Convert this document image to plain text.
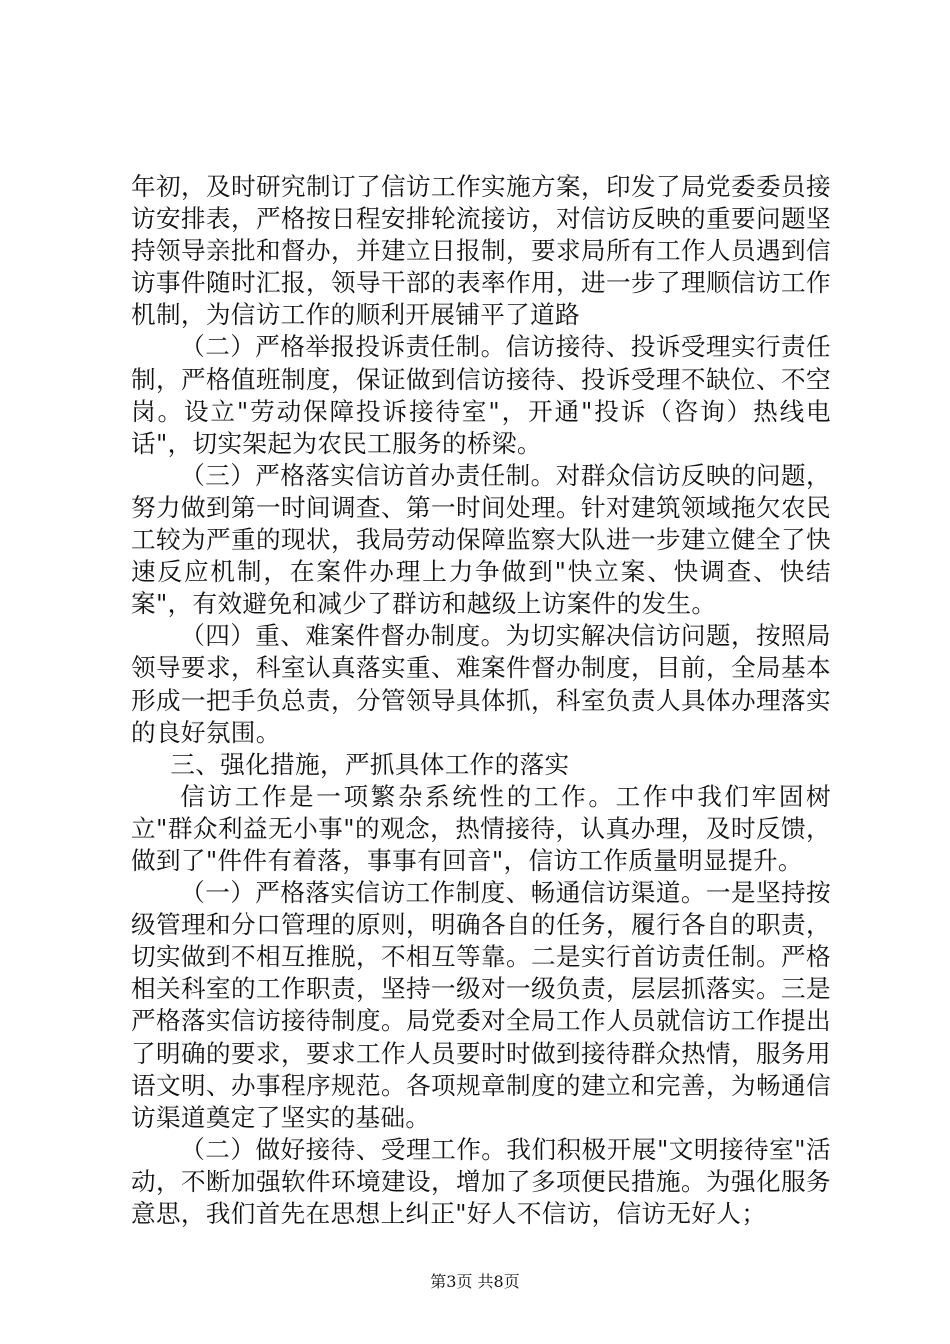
年初，及时研究制订了信访工作实施方案，印发了局党委委员接访安排表，严格按日程安排轮流接访，对信访反映的重要问题坚持领导亲批和督办，并建立日报制，要求局所有工作人员遇到信访事件随时汇报，领导干部的表率作用，进一步了理顺信访工作机制，为信访工作的顺利开展铺平了道路

（二）严格举报投诉责任制。信访接待、投诉受理实行责任制，严格值班制度，保证做到信访接待、投诉受理不缺位、不空岗。设立"劳动保障投诉接待室"，开通"投诉（咨询）热线电话"，切实架起为农民工服务的桥梁。

（三）严格落实信访首办责任制。对群众信访反映的问题，努力做到第一时间调查、第一时间处理。针对建筑领域拖欠农民工较为严重的现状，我局劳动保障监察大队进一步建立健全了快速反应机制，在案件办理上力争做到"快立案、快调查、快结案"，有效避免和减少了群访和越级上访案件的发生。

（四）重、难案件督办制度。为切实解决信访问题，按照局领导要求，科室认真落实重、难案件督办制度，目前，全局基本形成一把手负总责，分管领导具体抓，科室负责人具体办理落实的良好氛围。

三、强化措施，严抓具体工作的落实

信访工作是一项繁杂系统性的工作。工作中我们牢固树立"群众利益无小事"的观念，热情接待，认真办理，及时反馈，做到了"件件有着落，事事有回音"，信访工作质量明显提升。

（一）严格落实信访工作制度、畅通信访渠道。一是坚持按级管理和分口管理的原则，明确各自的任务，履行各自的职责，切实做到不相互推脱，不相互等靠。二是实行首访责任制。严格相关科室的工作职责，坚持一级对一级负责，层层抓落实。三是严格落实信访接待制度。局党委对全局工作人员就信访工作提出了明确的要求，要求工作人员要时时做到接待群众热情，服务用语文明、办事程序规范。各项规章制度的建立和完善，为畅通信访渠道奠定了坚实的基础。

（二）做好接待、受理工作。我们积极开展"文明接待室"活动，不断加强软件环境建设，增加了多项便民措施。为强化服务意思，我们首先在思想上纠正"好人不信访，信访无好人；

第3页 共8页
